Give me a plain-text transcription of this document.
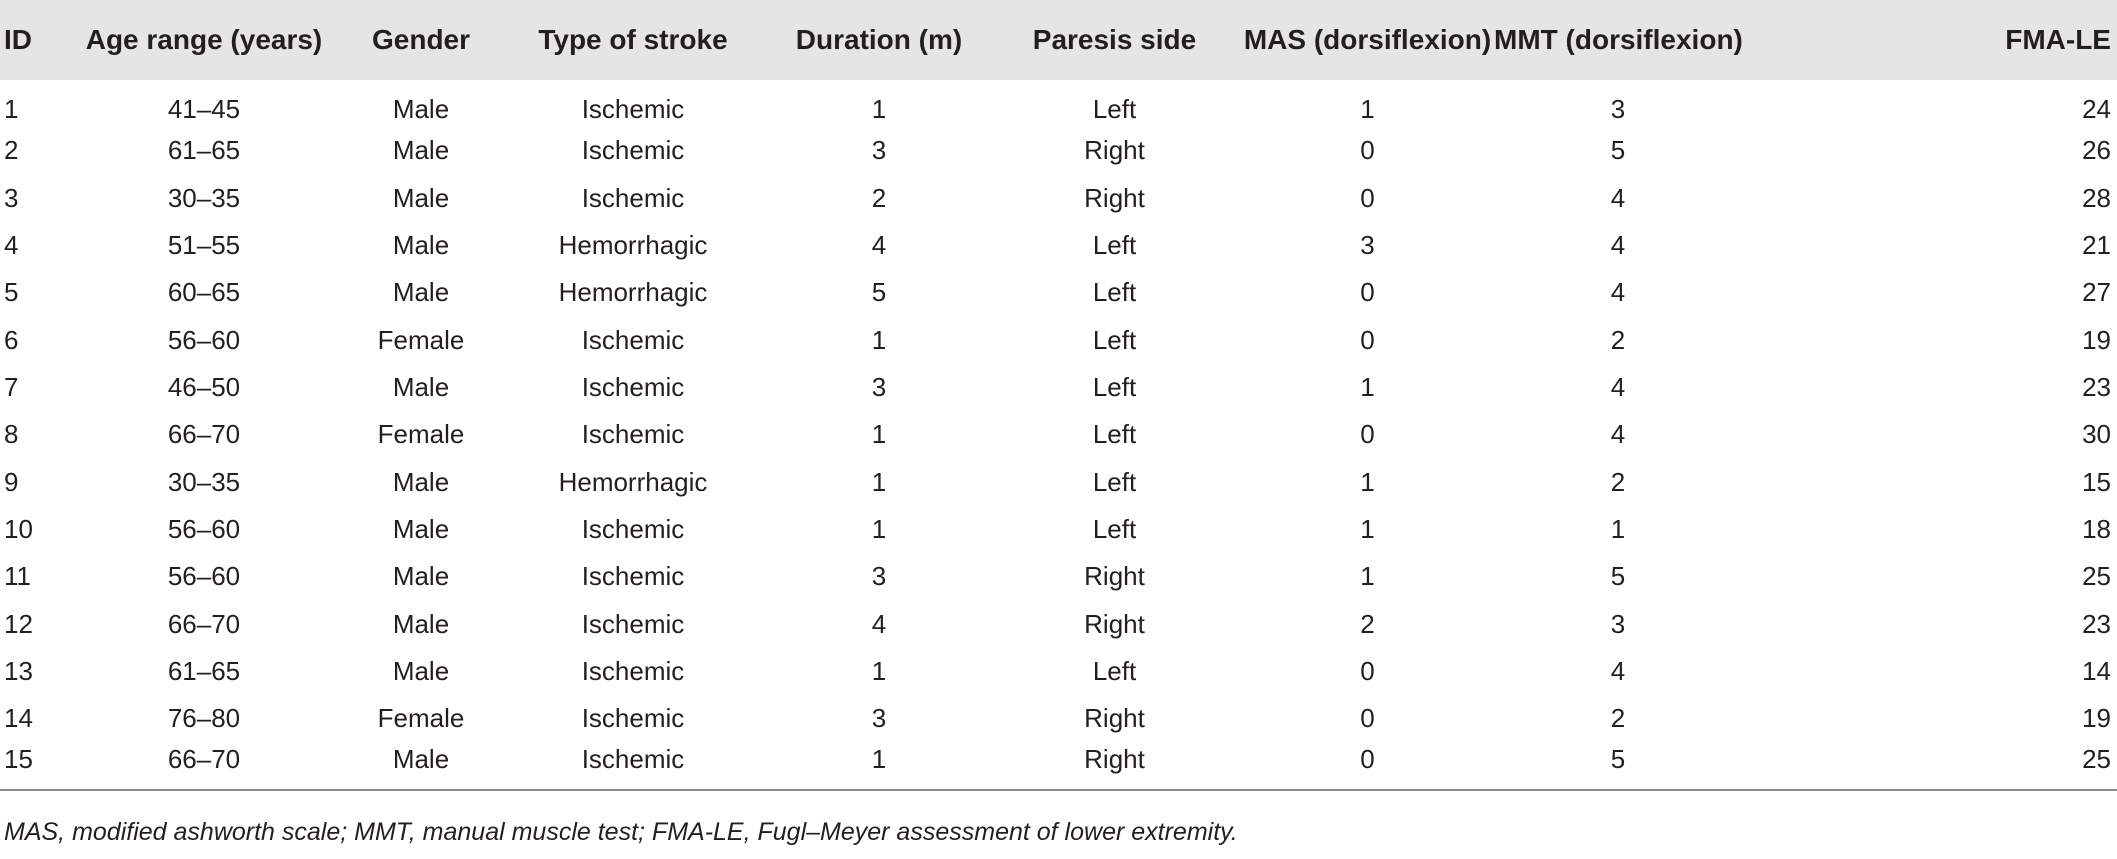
ID	Age range (years)	Gender	Type of stroke	Duration (m)	Paresis side	MAS (dorsiflexion)	MMT (dorsiflexion)	FMA-LE
1	41–45	Male	Ischemic	1	Left	1	3	24
2	61–65	Male	Ischemic	3	Right	0	5	26
3	30–35	Male	Ischemic	2	Right	0	4	28
4	51–55	Male	Hemorrhagic	4	Left	3	4	21
5	60–65	Male	Hemorrhagic	5	Left	0	4	27
6	56–60	Female	Ischemic	1	Left	0	2	19
7	46–50	Male	Ischemic	3	Left	1	4	23
8	66–70	Female	Ischemic	1	Left	0	4	30
9	30–35	Male	Hemorrhagic	1	Left	1	2	15
10	56–60	Male	Ischemic	1	Left	1	1	18
11	56–60	Male	Ischemic	3	Right	1	5	25
12	66–70	Male	Ischemic	4	Right	2	3	23
13	61–65	Male	Ischemic	1	Left	0	4	14
14	76–80	Female	Ischemic	3	Right	0	2	19
15	66–70	Male	Ischemic	1	Right	0	5	25
MAS, modified ashworth scale; MMT, manual muscle test; FMA-LE, Fugl–Meyer assessment of lower extremity.
